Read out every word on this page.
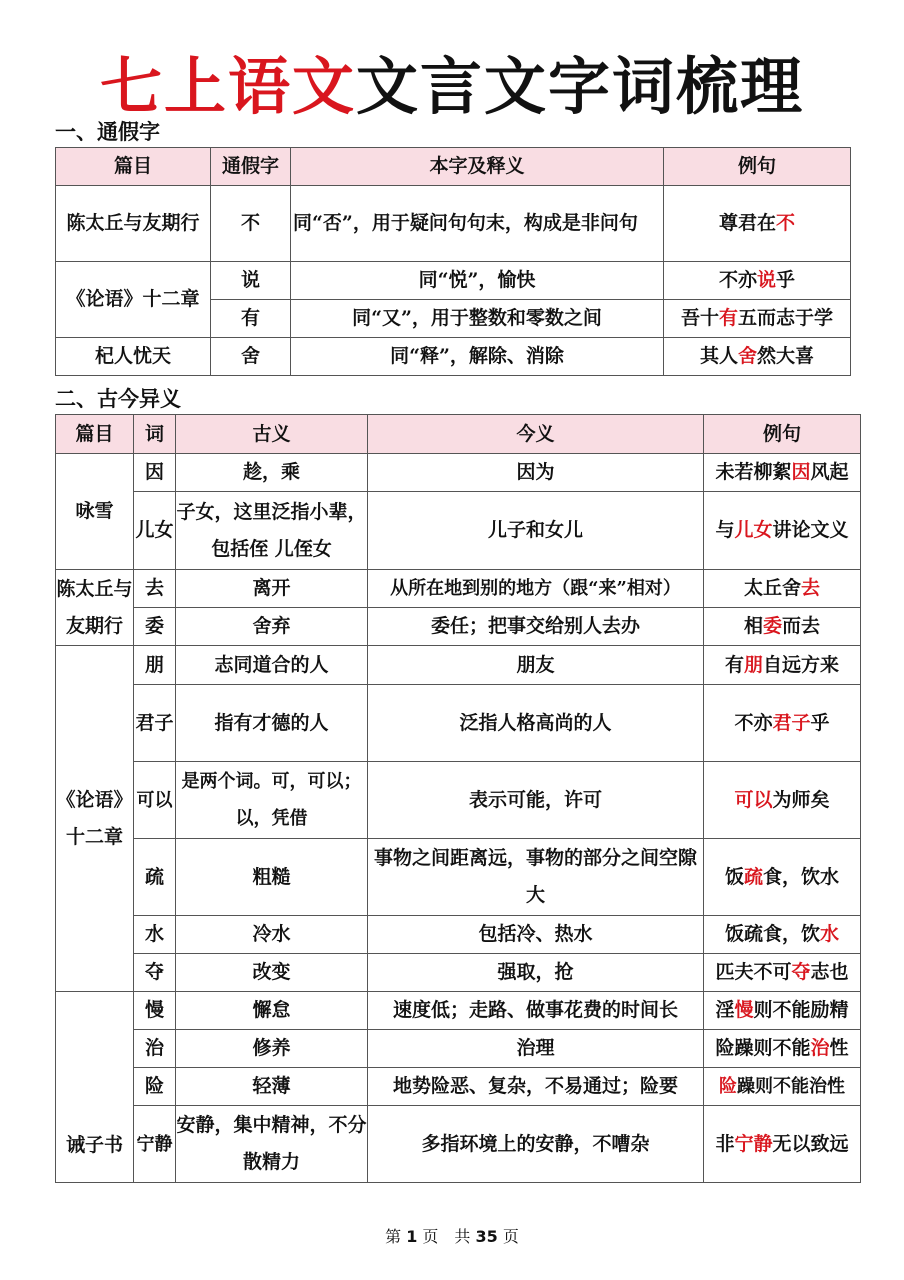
七上语文文言文字词梳理
一、通假字
篇目	通假字	本字及释义	例句
陈太丘与友期行	不	同“否”，用于疑问句句末，构成是非问句	尊君在不
《论语》十二章	说	同“悦”，愉快	不亦说乎
	有	同“又”，用于整数和零数之间	吾十有五而志于学
杞人忧天	舍	同“释”，解除、消除	其人舍然大喜
二、古今异义
篇目	词	古义	今义	例句
咏雪	因	趁，乘	因为	未若柳絮因风起
	儿女	子女，这里泛指小辈，包括侄 儿侄女	儿子和女儿	与儿女讲论文义
陈太丘与友期行	去	离开	从所在地到别的地方（跟“来”相对）	太丘舍去
	委	舍弃	委任；把事交给别人去办	相委而去
《论语》十二章	朋	志同道合的人	朋友	有朋自远方来
	君子	指有才德的人	泛指人格高尚的人	不亦君子乎
	可以	是两个词。可，可以；以，凭借	表示可能，许可	可以为师矣
	疏	粗糙	事物之间距离远，事物的部分之间空隙大	饭疏食，饮水
	水	冷水	包括冷、热水	饭疏食，饮水
	夺	改变	强取，抢	匹夫不可夺志也
诫子书	慢	懈怠	速度低；走路、做事花费的时间长	淫慢则不能励精
	治	修养	治理	险躁则不能治性
	险	轻薄	地势险恶、复杂，不易通过；险要	险躁则不能治性
	宁静	安静，集中精神，不分散精力	多指环境上的安静，不嘈杂	非宁静无以致远
第 1 页　共 35 页
